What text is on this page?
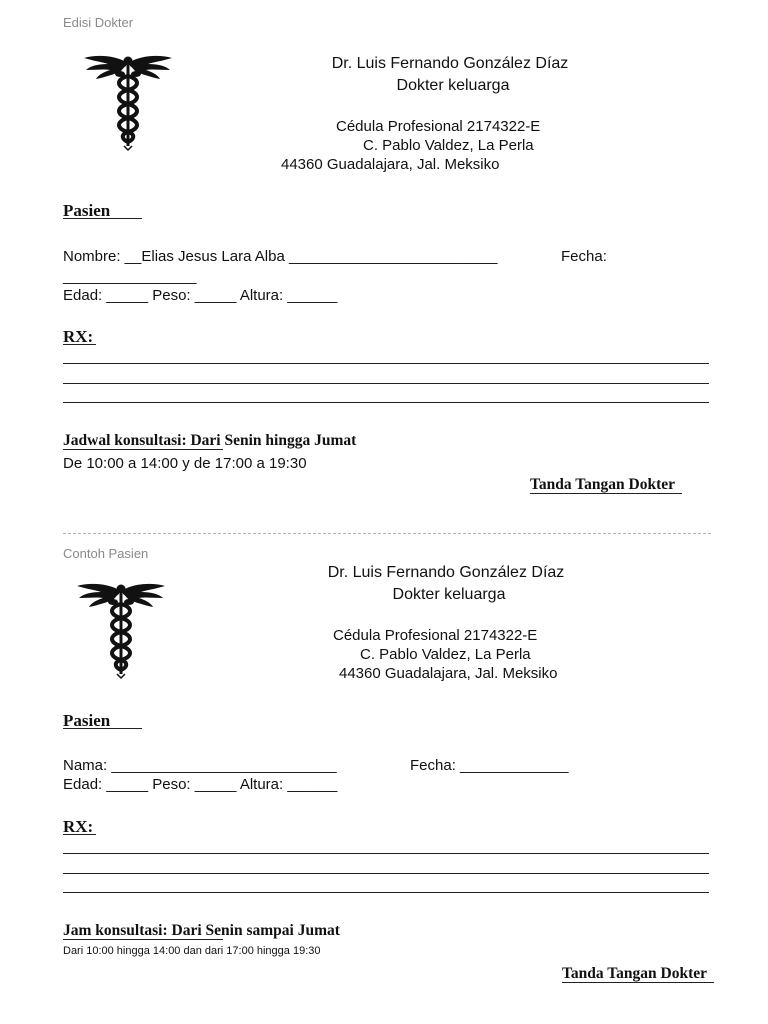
Edisi Dokter
Dr. Luis Fernando González Díaz
Dokter keluarga
Cédula Profesional 2174322-E
C. Pablo Valdez, La Perla
44360 Guadalajara, Jal. Meksiko
Pasien
Nombre: __Elias Jesus Lara Alba _________________________	Fecha:
________________
Edad: _____ Peso: _____ Altura: ______
RX:
Jadwal konsultasi: Dari Senin hingga Jumat
De 10:00 a 14:00 y de 17:00 a 19:30
Tanda Tangan Dokter
Contoh Pasien
Dr. Luis Fernando González Díaz
Dokter keluarga
Cédula Profesional 2174322-E
C. Pablo Valdez, La Perla
44360 Guadalajara, Jal. Meksiko
Pasien
Nama: ___________________________	Fecha: _____________
Edad: _____ Peso: _____ Altura: ______
RX:
Jam konsultasi: Dari Senin sampai Jumat
Dari 10:00 hingga 14:00 dan dari 17:00 hingga 19:30
Tanda Tangan Dokter
